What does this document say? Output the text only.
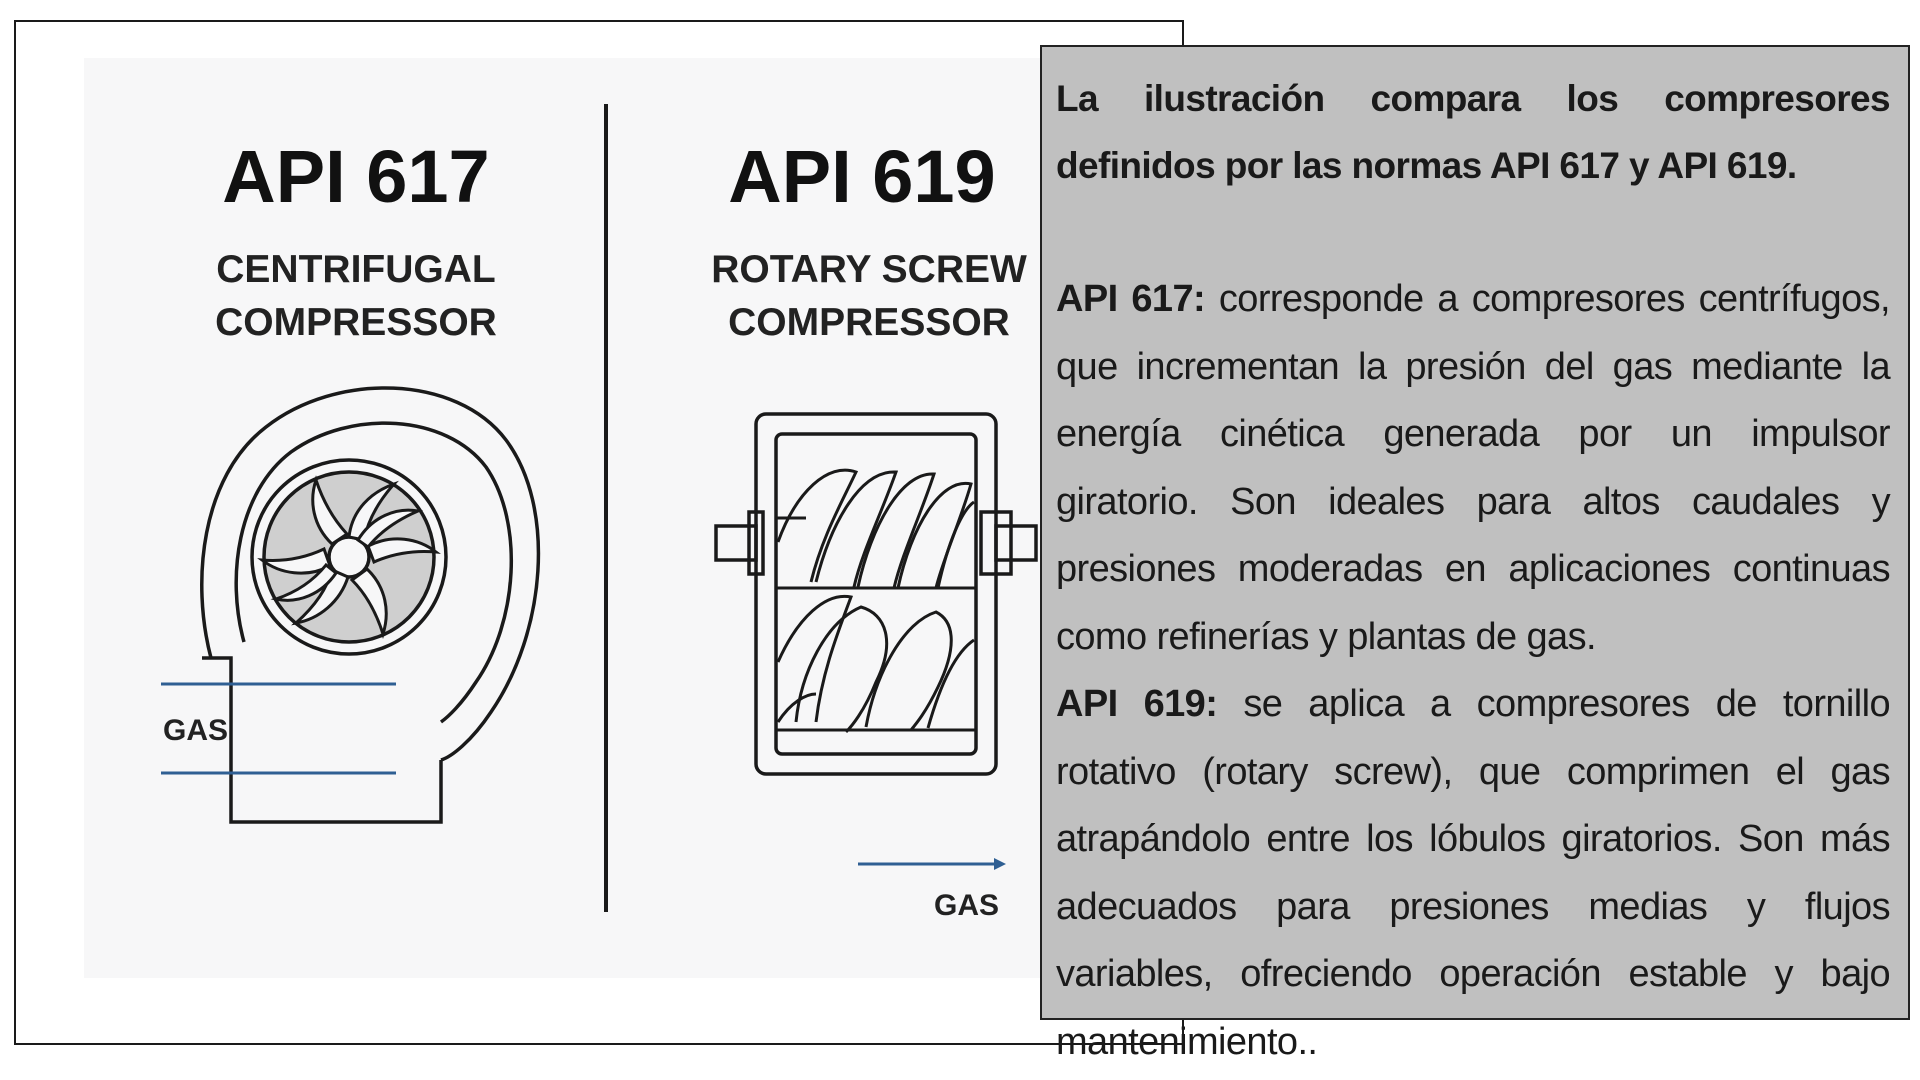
API 617
CENTRIFUGAL
COMPRESSOR
GAS
API 619
ROTARY SCREW
COMPRESSOR
GAS

La ilustración compara los compresores definidos por las normas API 617 y API 619.

API 617: corresponde a compresores centrífugos, que incrementan la presión del gas mediante la energía cinética generada por un impulsor giratorio. Son ideales para altos caudales y presiones moderadas en aplicaciones continuas como refinerías y plantas de gas.

API 619: se aplica a compresores de tornillo rotativo (rotary screw), que comprimen el gas atrapándolo entre los lóbulos giratorios. Son más adecuados para presiones medias y flujos variables, ofreciendo operación estable y bajo mantenimiento..
